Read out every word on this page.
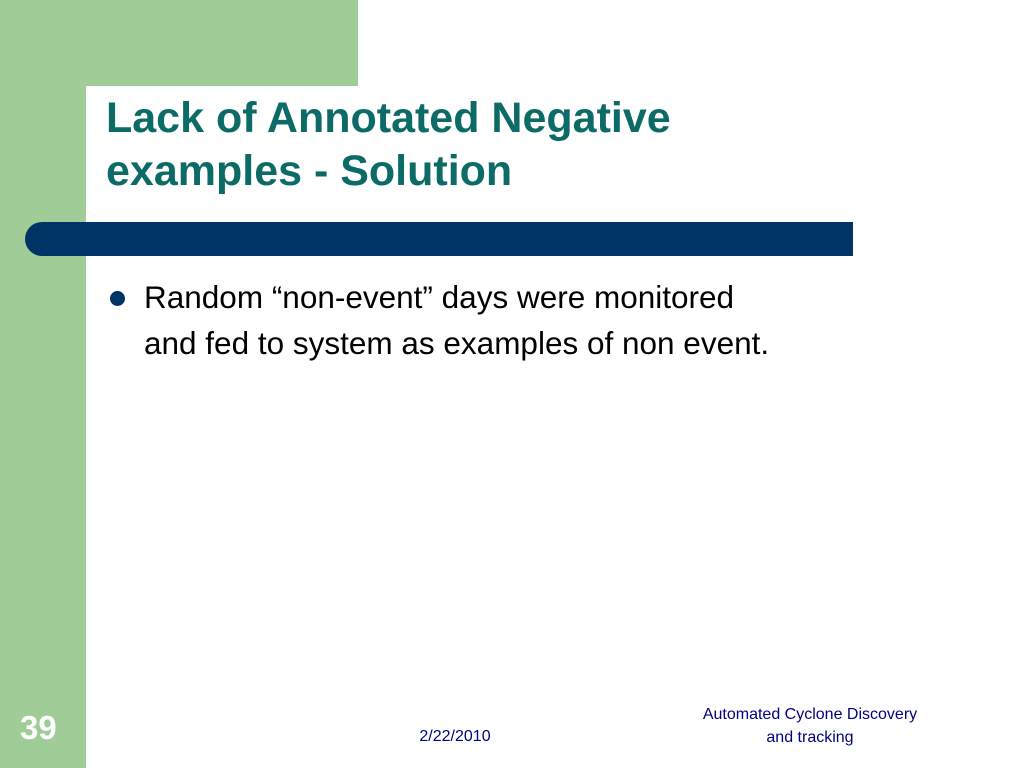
Lack of Annotated Negative
examples - Solution
Random “non-event” days were monitored
and fed to system as examples of non event.
39	2/22/2010
Automated Cyclone Discovery
and tracking
